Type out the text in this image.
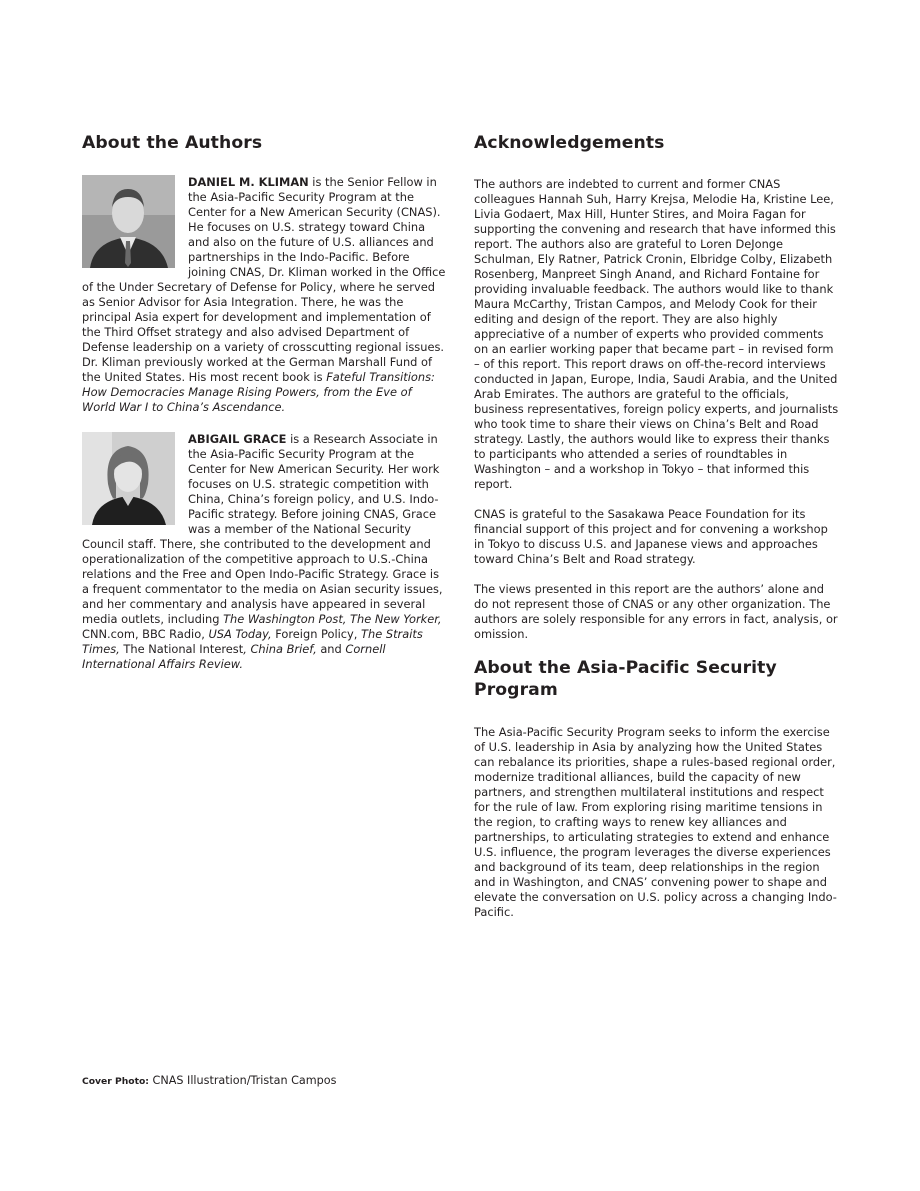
About the Authors

DANIEL M. KLIMAN is the Senior Fellow in the Asia-Pacific Security Program at the Center for a New American Security (CNAS). He focuses on U.S. strategy toward China and also on the future of U.S. alliances and partnerships in the Indo-Pacific. Before joining CNAS, Dr. Kliman worked in the Office of the Under Secretary of Defense for Policy, where he served as Senior Advisor for Asia Integration. There, he was the principal Asia expert for development and implementation of the Third Offset strategy and also advised Department of Defense leadership on a variety of crosscutting regional issues. Dr. Kliman previously worked at the German Marshall Fund of the United States. His most recent book is Fateful Transitions: How Democracies Manage Rising Powers, from the Eve of World War I to China’s Ascendance.

ABIGAIL GRACE is a Research Associate in the Asia-Pacific Security Program at the Center for New American Security. Her work focuses on U.S. strategic competition with China, China’s foreign policy, and U.S. Indo-Pacific strategy. Before joining CNAS, Grace was a member of the National Security Council staff. There, she contributed to the development and operationalization of the competitive approach to U.S.-China relations and the Free and Open Indo-Pacific Strategy. Grace is a frequent commentator to the media on Asian security issues, and her commentary and analysis have appeared in several media outlets, including The Washington Post, The New Yorker, CNN.com, BBC Radio, USA Today, Foreign Policy, The Straits Times, The National Interest, China Brief, and Cornell International Affairs Review.

Acknowledgements

The authors are indebted to current and former CNAS colleagues Hannah Suh, Harry Krejsa, Melodie Ha, Kristine Lee, Livia Godaert, Max Hill, Hunter Stires, and Moira Fagan for supporting the convening and research that have informed this report. The authors also are grateful to Loren DeJonge Schulman, Ely Ratner, Patrick Cronin, Elbridge Colby, Elizabeth Rosenberg, Manpreet Singh Anand, and Richard Fontaine for providing invaluable feedback. The authors would like to thank Maura McCarthy, Tristan Campos, and Melody Cook for their editing and design of the report. They are also highly appreciative of a number of experts who provided comments on an earlier working paper that became part – in revised form – of this report. This report draws on off-the-record interviews conducted in Japan, Europe, India, Saudi Arabia, and the United Arab Emirates. The authors are grateful to the officials, business representatives, foreign policy experts, and journalists who took time to share their views on China’s Belt and Road strategy. Lastly, the authors would like to express their thanks to participants who attended a series of roundtables in Washington – and a workshop in Tokyo – that informed this report.

CNAS is grateful to the Sasakawa Peace Foundation for its financial support of this project and for convening a workshop in Tokyo to discuss U.S. and Japanese views and approaches toward China’s Belt and Road strategy.

The views presented in this report are the authors’ alone and do not represent those of CNAS or any other organization. The authors are solely responsible for any errors in fact, analysis, or omission.

About the Asia-Pacific Security Program

The Asia-Pacific Security Program seeks to inform the exercise of U.S. leadership in Asia by analyzing how the United States can rebalance its priorities, shape a rules-based regional order, modernize traditional alliances, build the capacity of new partners, and strengthen multilateral institutions and respect for the rule of law. From exploring rising maritime tensions in the region, to crafting ways to renew key alliances and partnerships, to articulating strategies to extend and enhance U.S. influence, the program leverages the diverse experiences and background of its team, deep relationships in the region and in Washington, and CNAS’ convening power to shape and elevate the conversation on U.S. policy across a changing Indo-Pacific.

Cover Photo: CNAS Illustration/Tristan Campos
